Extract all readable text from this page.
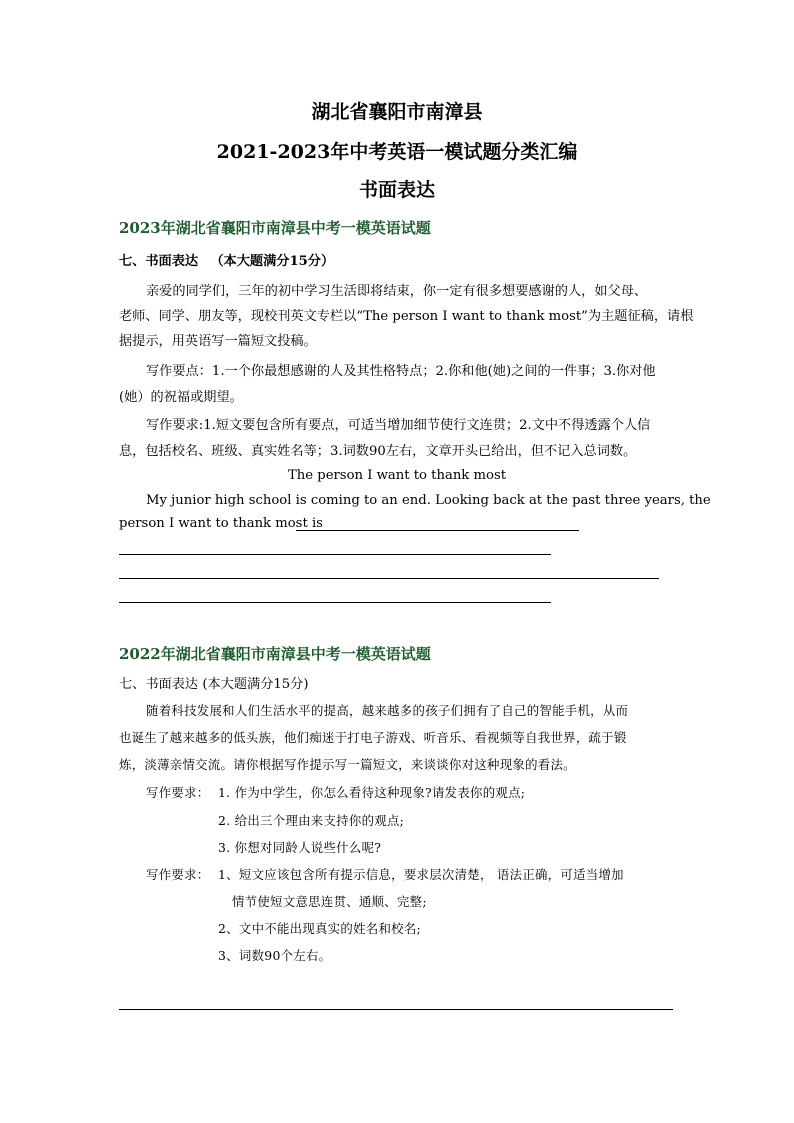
湖北省襄阳市南漳县
2021-2023年中考英语一模试题分类汇编
书面表达
2023年湖北省襄阳市南漳县中考一模英语试题
七、书面表达 （本大题满分15分）
亲爱的同学们，三年的初中学习生活即将结束，你一定有很多想要感谢的人，如父母、
老师、同学、朋友等，现校刊英文专栏以“The person I want to thank most”为主题征稿，请根
据提示，用英语写一篇短文投稿。
写作要点：1.一个你最想感谢的人及其性格特点；2.你和他(她)之间的一件事；3.你对他
(她）的祝福或期望。
写作要求:1.短文要包含所有要点，可适当增加细节使行文连贯；2.文中不得透露个人信
息，包括校名、班级、真实姓名等；3.词数90左右，文章开头已给出，但不记入总词数。
The person I want to thank most
My junior high school is coming to an end. Looking back at the past three years, the
person I want to thank most is
2022年湖北省襄阳市南漳县中考一模英语试题
七、书面表达 (本大题满分15分)
随着科技发展和人们生活水平的提高，越来越多的孩子们拥有了自己的智能手机，从而
也诞生了越来越多的低头族，他们痴迷于打电子游戏、听音乐、看视频等自我世界，疏于锻
炼，淡薄亲情交流。请你根据写作提示写一篇短文，来谈谈你对这种现象的看法。
写作要求： 1. 作为中学生，你怎么看待这种现象?请发表你的观点;
2. 给出三个理由来支持你的观点;
3. 你想对同龄人说些什么呢?
写作要求： 1、短文应该包含所有提示信息，要求层次清楚， 语法正确，可适当增加
情节使短文意思连贯、通顺、完整;
2、文中不能出现真实的姓名和校名;
3、词数90个左右。
